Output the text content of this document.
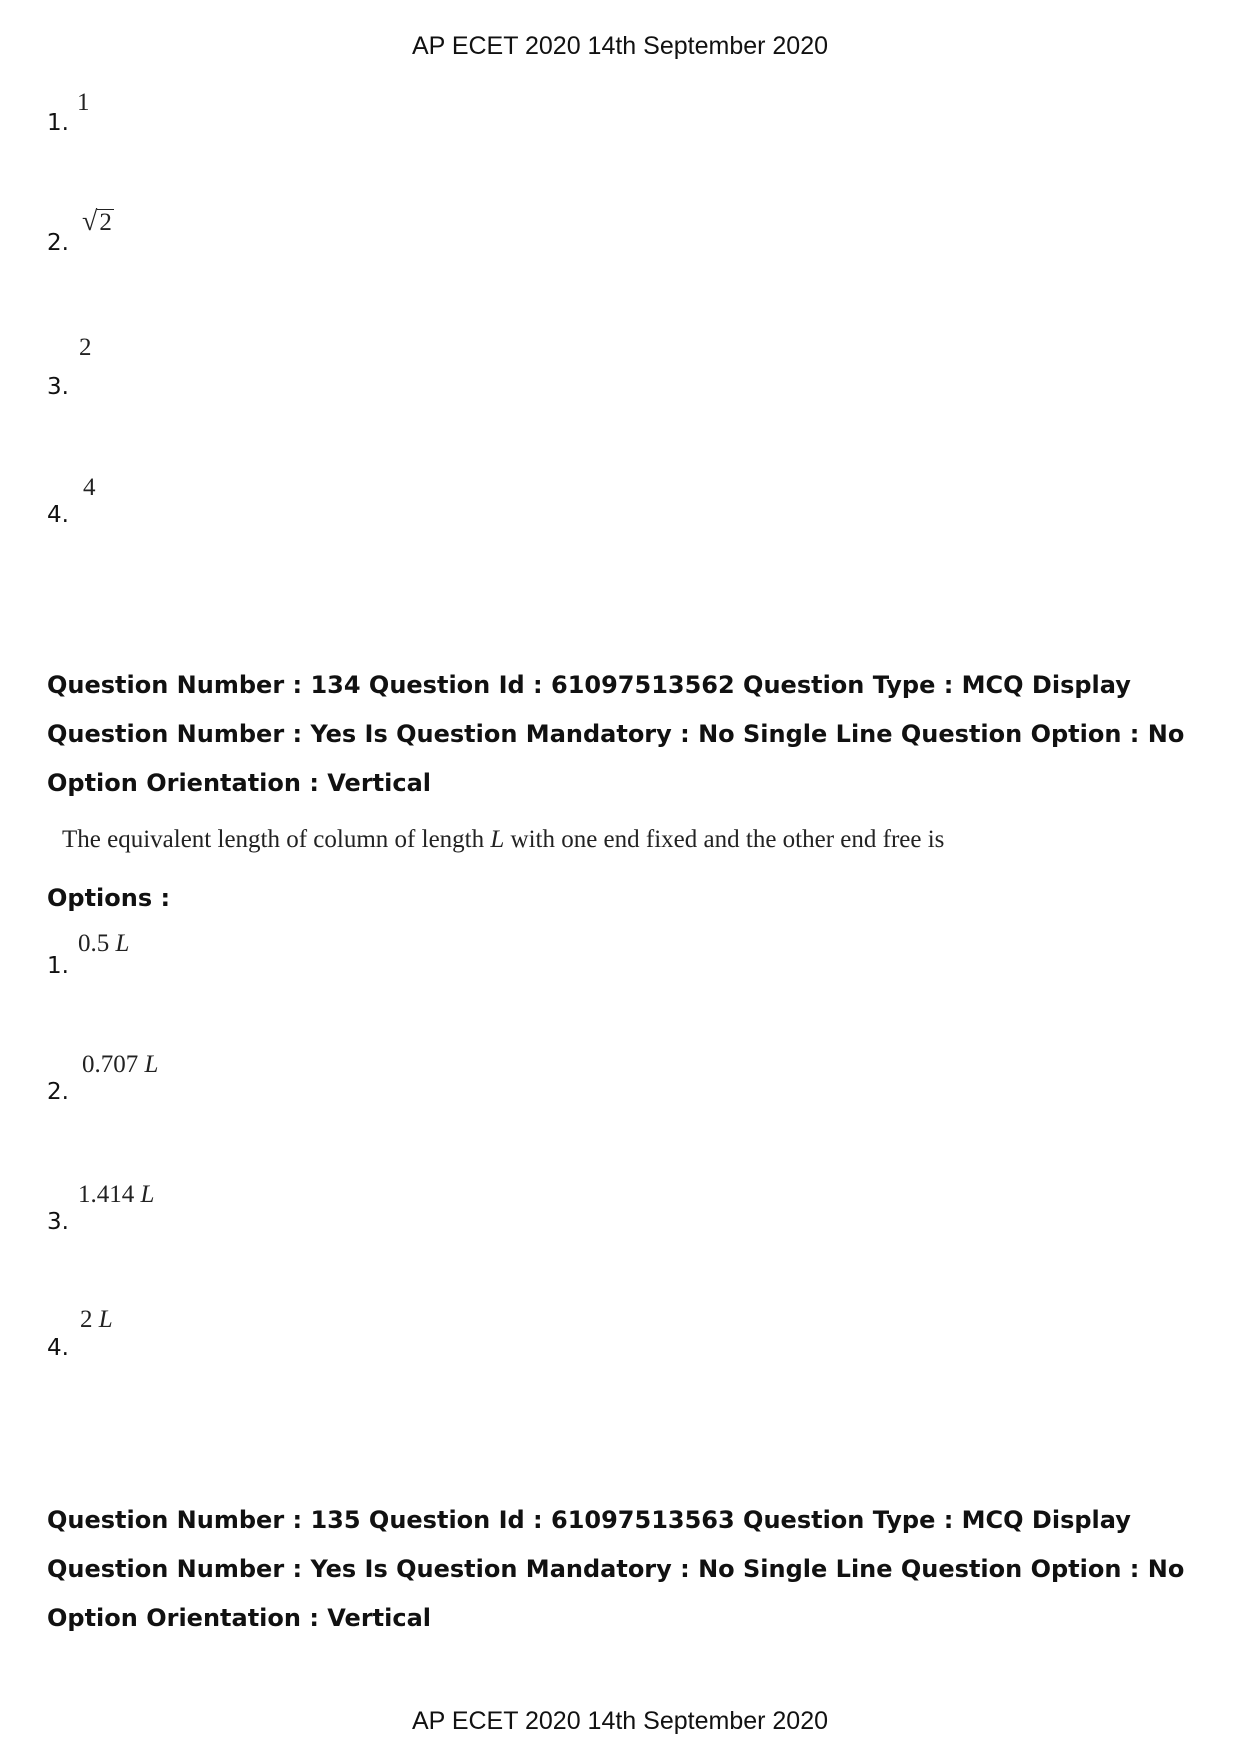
AP ECET 2020 14th September 2020
1.
1
2.
√2
3.
2
4.
4
Question Number : 134 Question Id : 61097513562 Question Type : MCQ Display Question Number : Yes Is Question Mandatory : No Single Line Question Option : No Option Orientation : Vertical
The equivalent length of column of length L with one end fixed and the other end free is
Options :
1.
0.5 L
2.
0.707 L
3.
1.414 L
4.
2 L
Question Number : 135 Question Id : 61097513563 Question Type : MCQ Display Question Number : Yes Is Question Mandatory : No Single Line Question Option : No Option Orientation : Vertical
AP ECET 2020 14th September 2020
